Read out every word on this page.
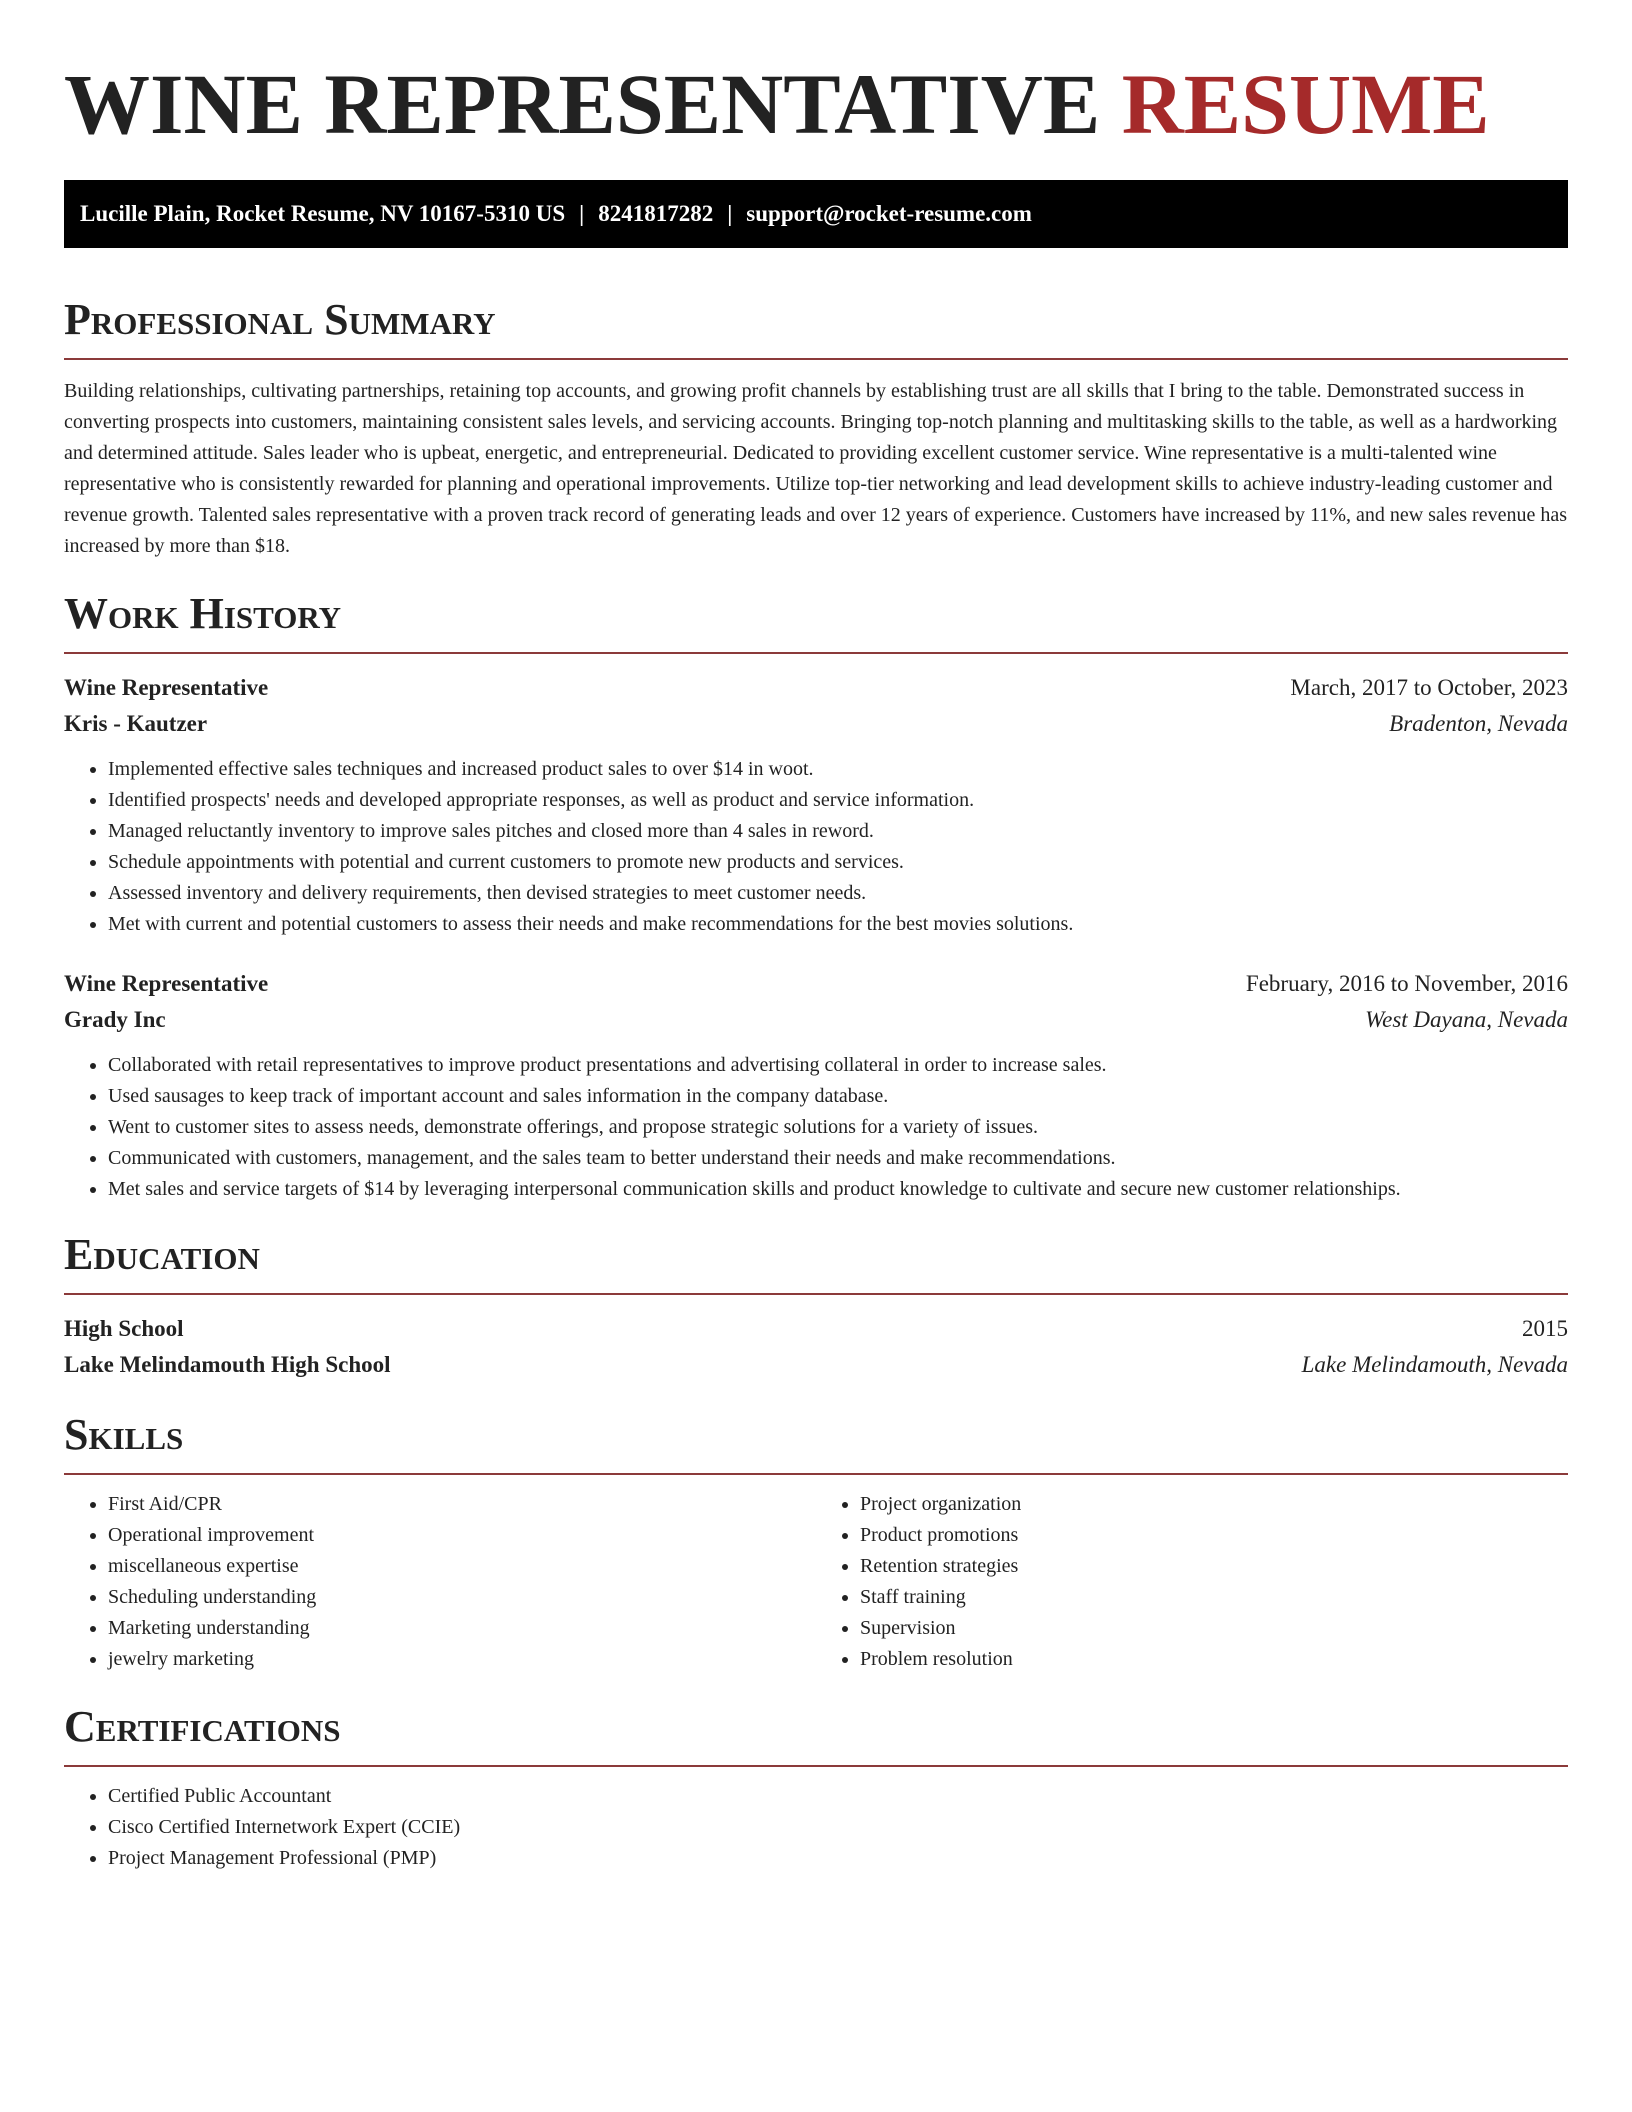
WINE REPRESENTATIVE RESUME
Lucille Plain, Rocket Resume, NV 10167-5310 US | 8241817282 | support@rocket-resume.com
Professional Summary

Building relationships, cultivating partnerships, retaining top accounts, and growing profit channels by establishing trust are all skills that I bring to the table. Demonstrated success in converting prospects into customers, maintaining consistent sales levels, and servicing accounts. Bringing top-notch planning and multitasking skills to the table, as well as a hardworking and determined attitude. Sales leader who is upbeat, energetic, and entrepreneurial. Dedicated to providing excellent customer service. Wine representative is a multi-talented wine representative who is consistently rewarded for planning and operational improvements. Utilize top-tier networking and lead development skills to achieve industry-leading customer and revenue growth. Talented sales representative with a proven track record of generating leads and over 12 years of experience. Customers have increased by 11%, and new sales revenue has increased by more than $18.

Work History
Wine Representative	March, 2017 to October, 2023
Kris - Kautzer	Bradenton, Nevada
• Implemented effective sales techniques and increased product sales to over $14 in woot.
• Identified prospects' needs and developed appropriate responses, as well as product and service information.
• Managed reluctantly inventory to improve sales pitches and closed more than 4 sales in reword.
• Schedule appointments with potential and current customers to promote new products and services.
• Assessed inventory and delivery requirements, then devised strategies to meet customer needs.
• Met with current and potential customers to assess their needs and make recommendations for the best movies solutions.
Wine Representative	February, 2016 to November, 2016
Grady Inc	West Dayana, Nevada
• Collaborated with retail representatives to improve product presentations and advertising collateral in order to increase sales.
• Used sausages to keep track of important account and sales information in the company database.
• Went to customer sites to assess needs, demonstrate offerings, and propose strategic solutions for a variety of issues.
• Communicated with customers, management, and the sales team to better understand their needs and make recommendations.
• Met sales and service targets of $14 by leveraging interpersonal communication skills and product knowledge to cultivate and secure new customer relationships.
Education
High School	2015
Lake Melindamouth High School	Lake Melindamouth, Nevada
Skills
• First Aid/CPR
• Operational improvement
• miscellaneous expertise
• Scheduling understanding
• Marketing understanding
• jewelry marketing
• Project organization
• Product promotions
• Retention strategies
• Staff training
• Supervision
• Problem resolution
Certifications
• Certified Public Accountant
• Cisco Certified Internetwork Expert (CCIE)
• Project Management Professional (PMP)
